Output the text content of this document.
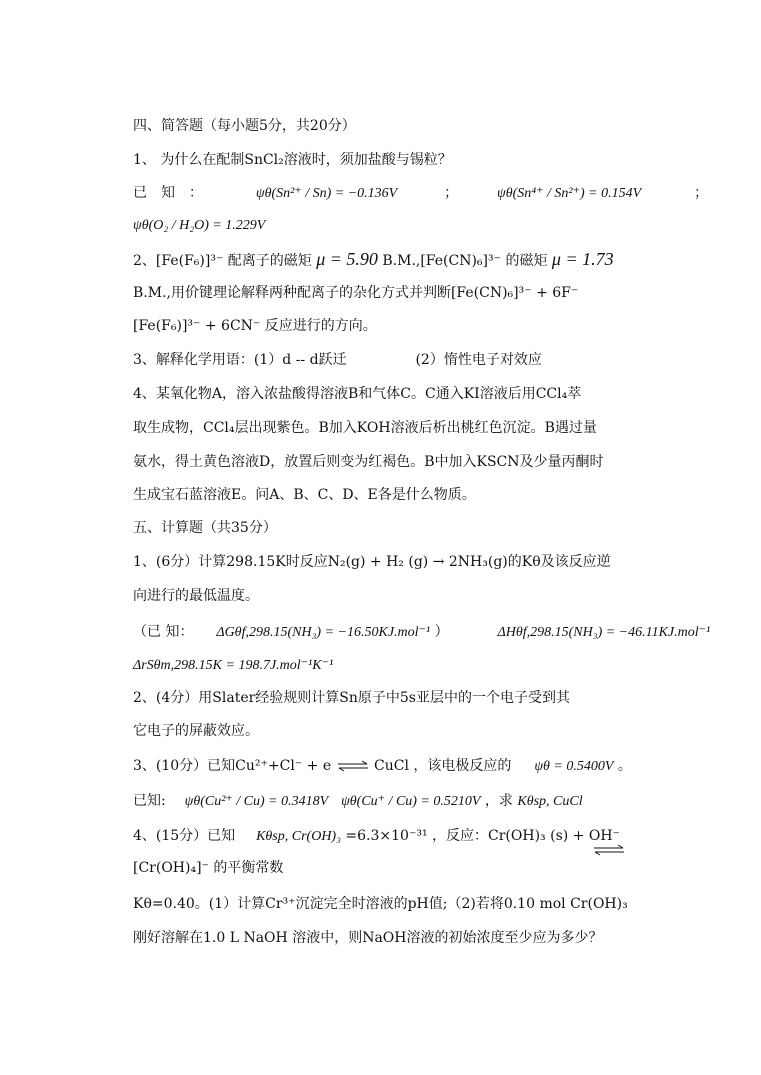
四、简答题（每小题5分，共20分）
1、 为什么在配制SnCl₂溶液时，须加盐酸与锡粒？
已　知　：	ψθ(Sn²⁺ / Sn) = −0.136V	；	ψθ(Sn⁴⁺ / Sn²⁺) = 0.154V	；
ψθ(O₂ / H₂O) = 1.229V
2、[Fe(F₆)]³⁻ 配离子的磁矩 μ = 5.90 B.M.,[Fe(CN)₆]³⁻ 的磁矩 μ = 1.73
B.M.,用价键理论解释两种配离子的杂化方式并判断[Fe(CN)₆]³⁻ + 6F⁻
[Fe(F₆)]³⁻ + 6CN⁻ 反应进行的方向。
3、解释化学用语：(1）d -- d跃迁	(2）惰性电子对效应
4、某氧化物A，溶入浓盐酸得溶液B和气体C。C通入KI溶液后用CCl₄萃
取生成物，CCl₄层出现紫色。B加入KOH溶液后析出桃红色沉淀。B遇过量
氨水，得土黄色溶液D，放置后则变为红褐色。B中加入KSCN及少量丙酮时
生成宝石蓝溶液E。问A、B、C、D、E各是什么物质。
五、计算题（共35分）
1、(6分）计算298.15K时反应N₂(g) + H₂ (g) → 2NH₃(g)的Kθ及该反应逆
向进行的最低温度。
（已 知： ΔGθf,298.15(NH₃) = −16.50KJ.mol⁻¹ ）	ΔHθf,298.15(NH₃) = −46.11KJ.mol⁻¹
ΔrSθm,298.15K = 198.7J.mol⁻¹K⁻¹
2、(4分）用Slater经验规则计算Sn原子中5s亚层中的一个电子受到其
它电子的屏蔽效应。
3、(10分）已知Cu²⁺+Cl⁻ + e ⇌ CuCl ，该电极反应的 ψθ = 0.5400V 。
已知: ψθ(Cu²⁺ / Cu) = 0.3418V ψθ(Cu⁺ / Cu) = 0.5210V ，求 Kθsp, CuCl
4、(15分）已知 Kθsp, Cr(OH)₃ =6.3×10⁻³¹ ，反应：Cr(OH)₃ (s) + OH⁻
[Cr(OH)₄]⁻ 的平衡常数
Kθ=0.40。(1）计算Cr³⁺沉淀完全时溶液的pH值;（2)若将0.10 mol Cr(OH)₃
刚好溶解在1.0 L NaOH 溶液中，则NaOH溶液的初始浓度至少应为多少？
